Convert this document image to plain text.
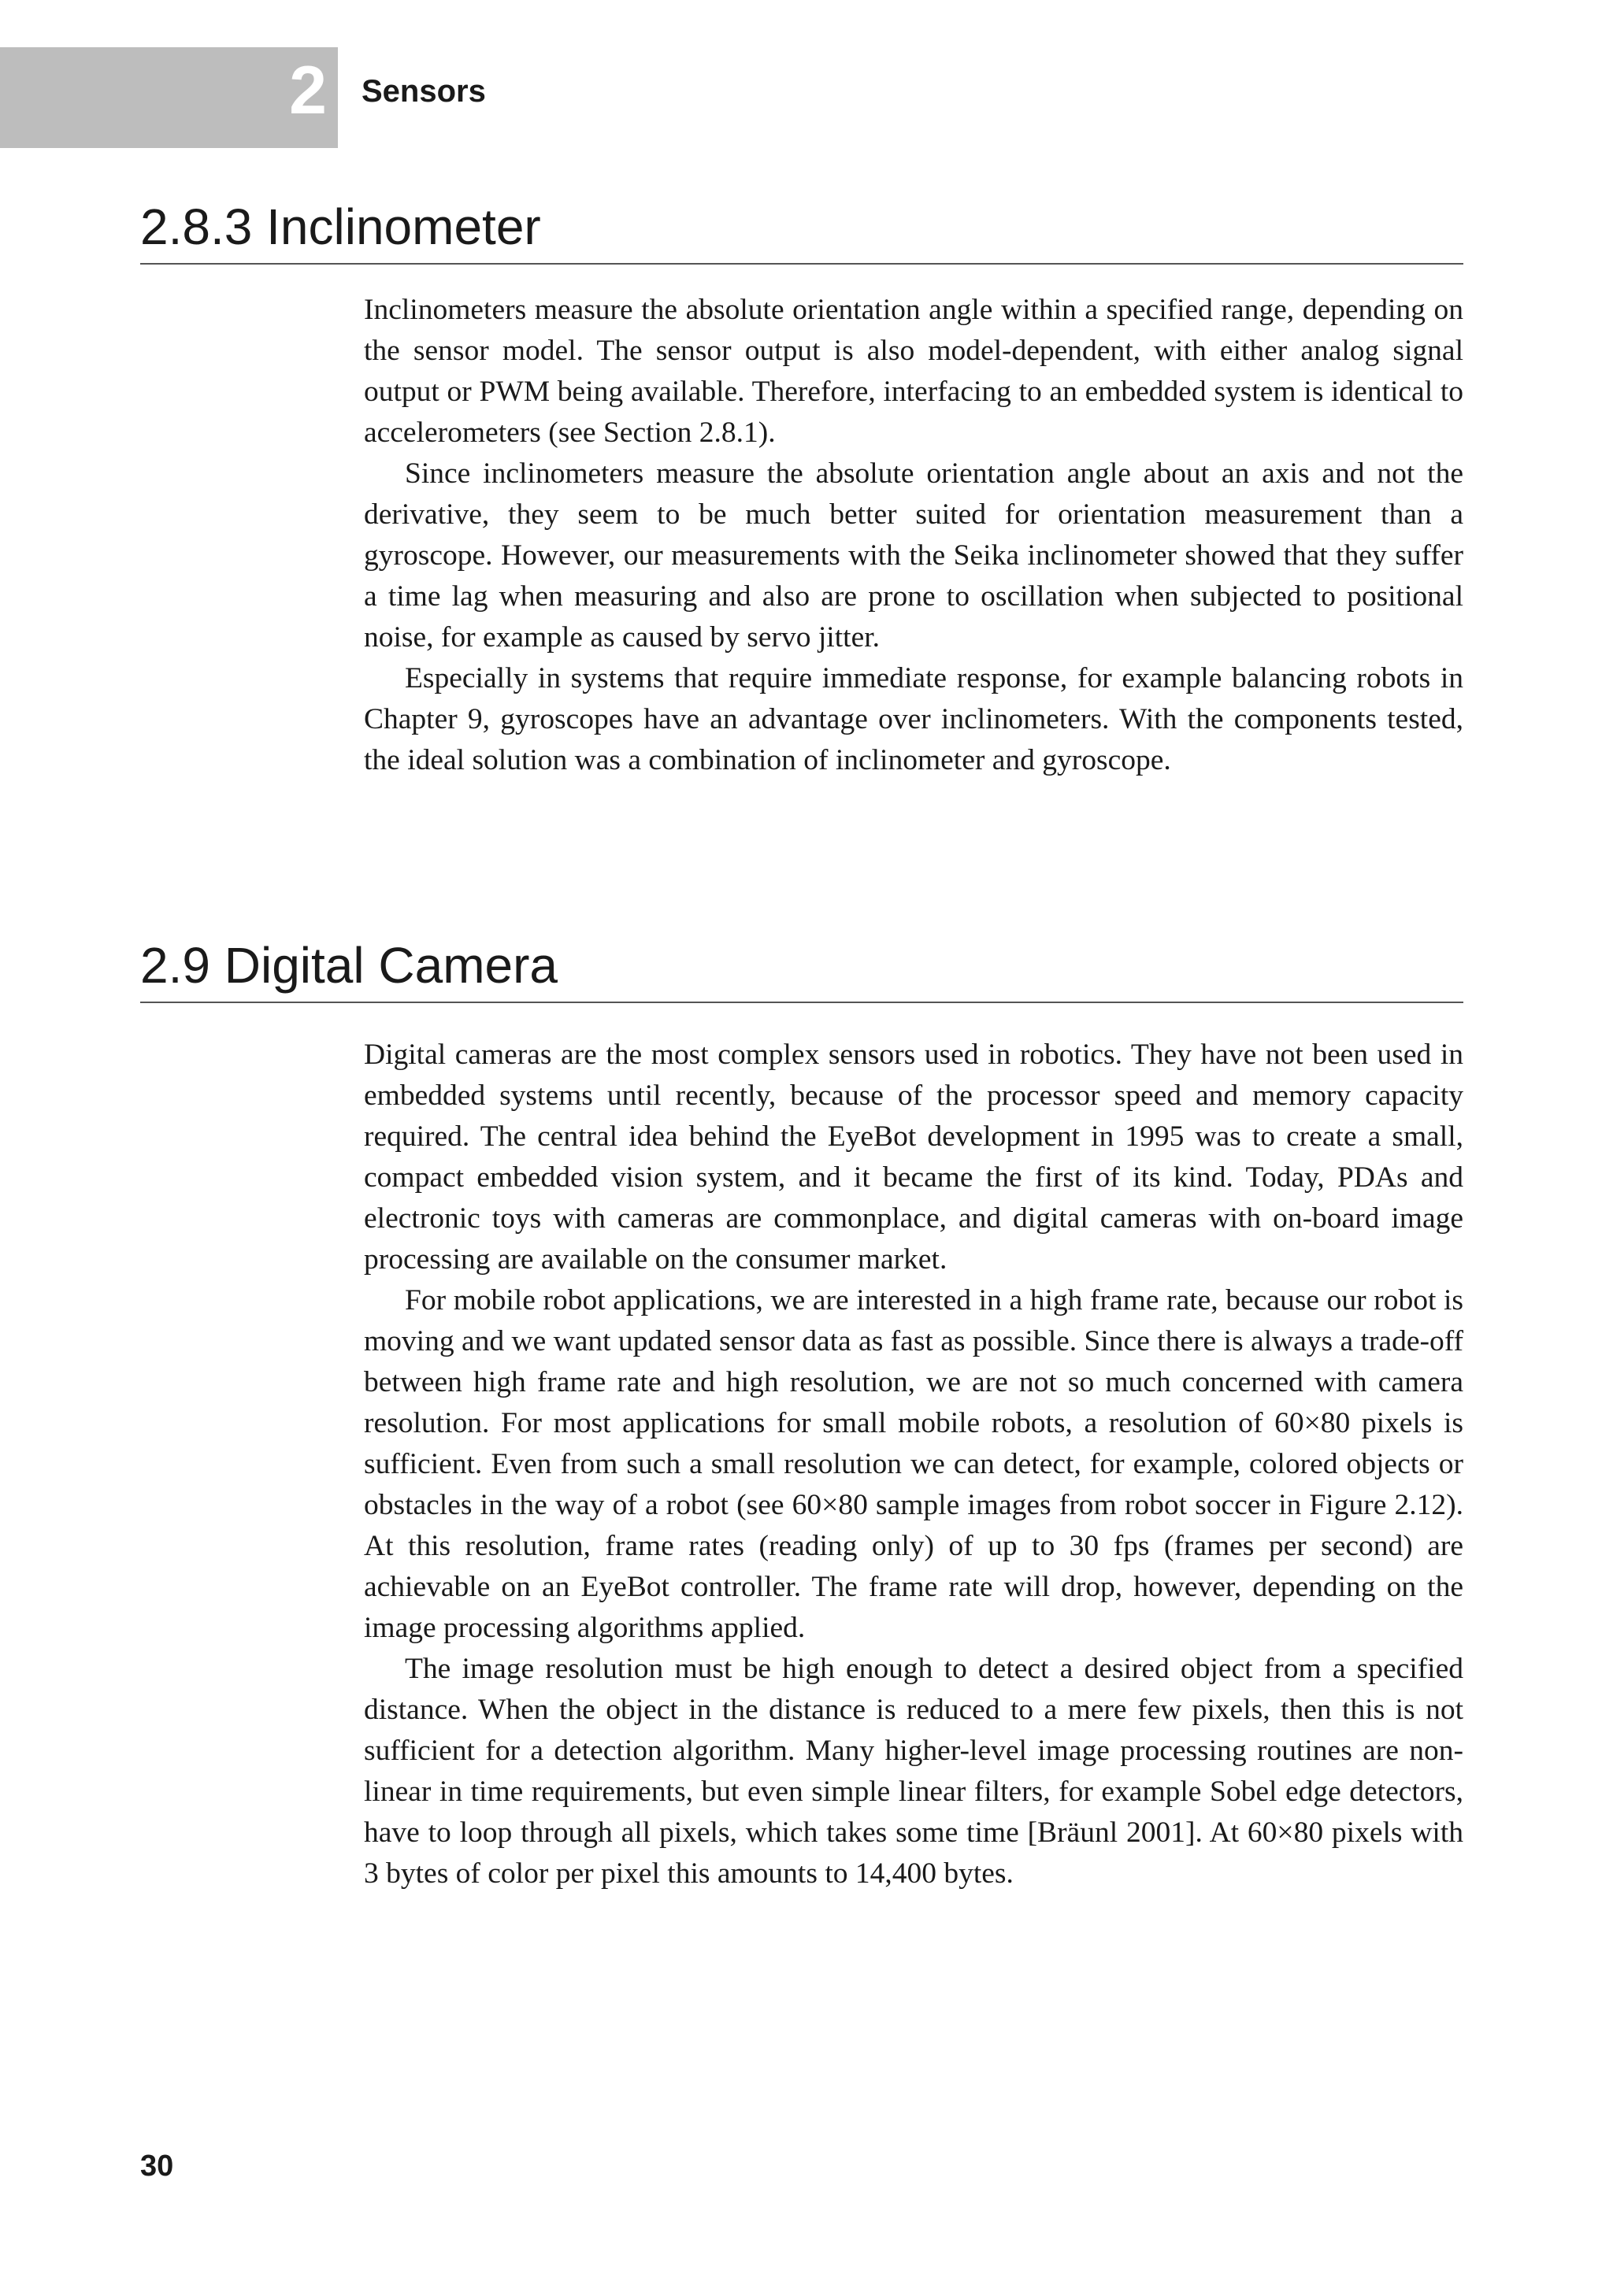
2 Sensors
2.8.3 Inclinometer

Inclinometers measure the absolute orientation angle within a specified range, depending on the sensor model. The sensor output is also model-dependent, with either analog signal output or PWM being available. Therefore, interfacing to an embedded system is identical to accelerometers (see Section 2.8.1).

Since inclinometers measure the absolute orientation angle about an axis and not the derivative, they seem to be much better suited for orientation measurement than a gyroscope. However, our measurements with the Seika inclinometer showed that they suffer a time lag when measuring and also are prone to oscillation when subjected to positional noise, for example as caused by servo jitter.

Especially in systems that require immediate response, for example balancing robots in Chapter 9, gyroscopes have an advantage over inclinometers. With the components tested, the ideal solution was a combination of inclinometer and gyroscope.

2.9 Digital Camera

Digital cameras are the most complex sensors used in robotics. They have not been used in embedded systems until recently, because of the processor speed and memory capacity required. The central idea behind the EyeBot development in 1995 was to create a small, compact embedded vision system, and it became the first of its kind. Today, PDAs and electronic toys with cameras are commonplace, and digital cameras with on-board image processing are available on the consumer market.

For mobile robot applications, we are interested in a high frame rate, because our robot is moving and we want updated sensor data as fast as possible. Since there is always a trade-off between high frame rate and high resolution, we are not so much concerned with camera resolution. For most applications for small mobile robots, a resolution of 60×80 pixels is sufficient. Even from such a small resolution we can detect, for example, colored objects or obstacles in the way of a robot (see 60×80 sample images from robot soccer in Figure 2.12). At this resolution, frame rates (reading only) of up to 30 fps (frames per second) are achievable on an EyeBot controller. The frame rate will drop, however, depending on the image processing algorithms applied.

The image resolution must be high enough to detect a desired object from a specified distance. When the object in the distance is reduced to a mere few pixels, then this is not sufficient for a detection algorithm. Many higher-level image processing routines are non-linear in time requirements, but even simple linear filters, for example Sobel edge detectors, have to loop through all pixels, which takes some time [Bräunl 2001]. At 60×80 pixels with 3 bytes of color per pixel this amounts to 14,400 bytes.

30
